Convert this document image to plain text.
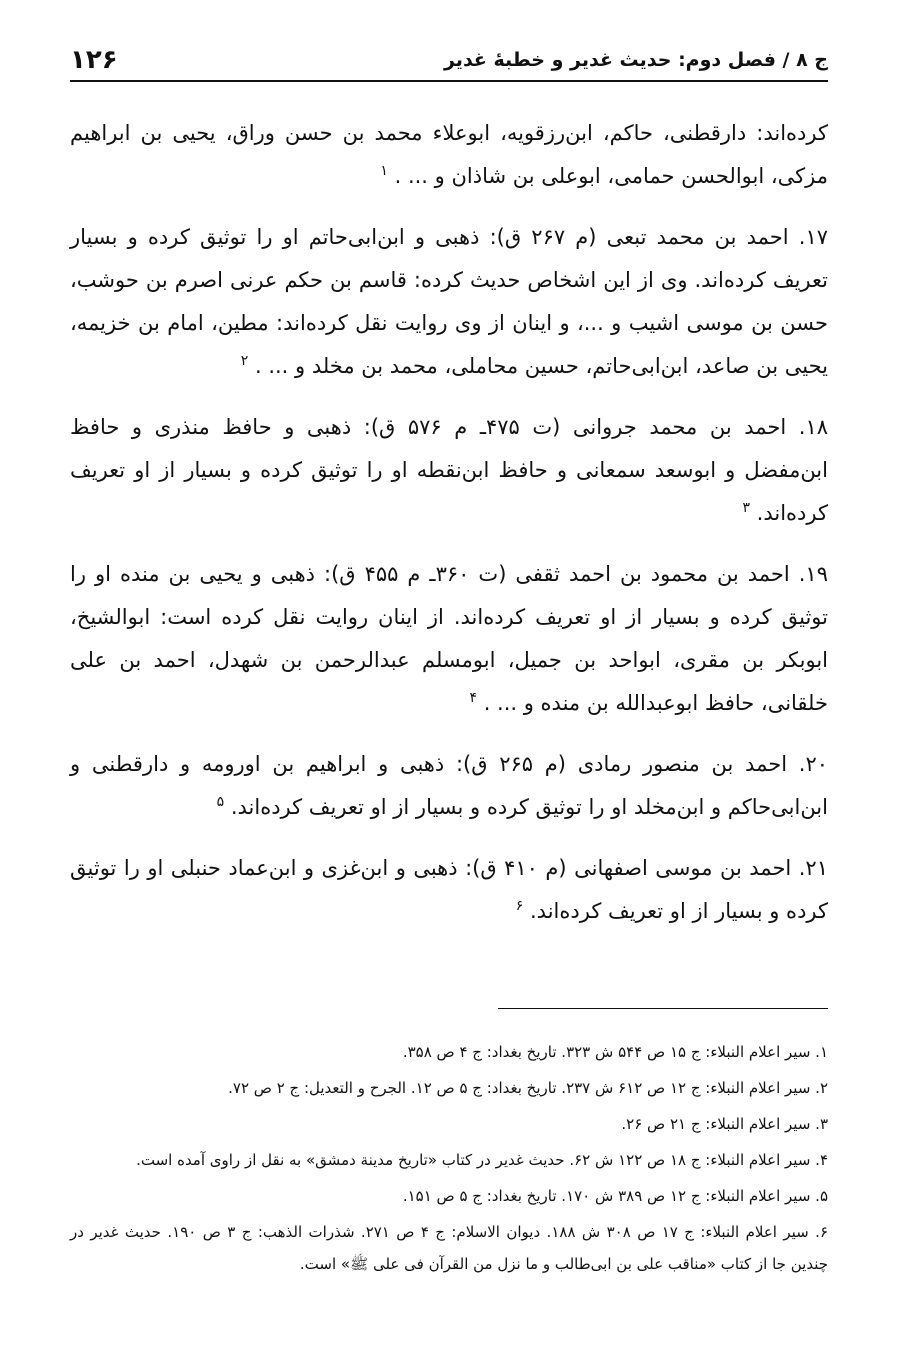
ج ۸ / فصل دوم: حدیث غدیر و خطبۀ غدیر
۱۲۶

کرده‌اند: دارقطنی، حاکم، ابن‌رزقویه، ابوعلاء محمد بن حسن وراق، یحیی بن ابراهیم مزکی، ابوالحسن حمامی، ابوعلی بن شاذان و ... . $^۱$

۱۷. احمد بن محمد تبعی (م ۲۶۷ ق): ذهبی و ابن‌ابی‌حاتم او را توثیق کرده و بسیار تعریف کرده‌اند. وی از این اشخاص حدیث کرده: قاسم بن حکم عرنی اصرم بن حوشب، حسن بن موسی اشیب و ...، و اینان از وی روایت نقل کرده‌اند: مطین، امام بن خزیمه، یحیی بن صاعد، ابن‌ابی‌حاتم، حسین محاملی، محمد بن مخلد و ... . $^۲$

۱۸. احمد بن محمد جروانی (ت ۴۷۵ـ م ۵۷۶ ق): ذهبی و حافظ منذری و حافظ ابن‌مفضل و ابوسعد سمعانی و حافظ ابن‌نقطه او را توثیق کرده و بسیار از او تعریف کرده‌اند. $^۳$

۱۹. احمد بن محمود بن احمد ثقفی (ت ۳۶۰ـ م ۴۵۵ ق): ذهبی و یحیی بن منده او را توثیق کرده و بسیار از او تعریف کرده‌اند. از اینان روایت نقل کرده است: ابوالشیخ، ابوبکر بن مقری، ابواحد بن جمیل، ابومسلم عبدالرحمن بن شهدل، احمد بن علی خلقانی، حافظ ابوعبدالله بن منده و ... . $^۴$

۲۰. احمد بن منصور رمادی (م ۲۶۵ ق): ذهبی و ابراهیم بن اورومه و دارقطنی و ابن‌ابی‌حاکم و ابن‌مخلد او را توثیق کرده و بسیار از او تعریف کرده‌اند. $^۵$

۲۱. احمد بن موسی اصفهانی (م ۴۱۰ ق): ذهبی و ابن‌غزی و ابن‌عماد حنبلی او را توثیق کرده و بسیار از او تعریف کرده‌اند. $^۶$

۱. سیر اعلام النبلاء: ج ۱۵ ص ۵۴۴ ش ۳۲۳. تاریخ بغداد: ج ۴ ص ۳۵۸.

۲. سیر اعلام النبلاء: ج ۱۲ ص ۶۱۲ ش ۲۳۷. تاریخ بغداد: ج ۵ ص ۱۲. الجرح و التعدیل: ج ۲ ص ۷۲.

۳. سیر اعلام النبلاء: ج ۲۱ ص ۲۶.

۴. سیر اعلام النبلاء: ج ۱۸ ص ۱۲۲ ش ۶۲. حدیث غدیر در کتاب «تاریخ مدینة دمشق» به نقل از راوی آمده است.

۵. سیر اعلام النبلاء: ج ۱۲ ص ۳۸۹ ش ۱۷۰. تاریخ بغداد: ج ۵ ص ۱۵۱.

۶. سیر اعلام النبلاء: ج ۱۷ ص ۳۰۸ ش ۱۸۸. دیوان الاسلام: ج ۴ ص ۲۷۱. شذرات الذهب: ج ۳ ص ۱۹۰. حدیث غدیر در چندین جا از کتاب «مناقب علی بن ابی‌طالب و ما نزل من القرآن فی علی ﷺ» است.
